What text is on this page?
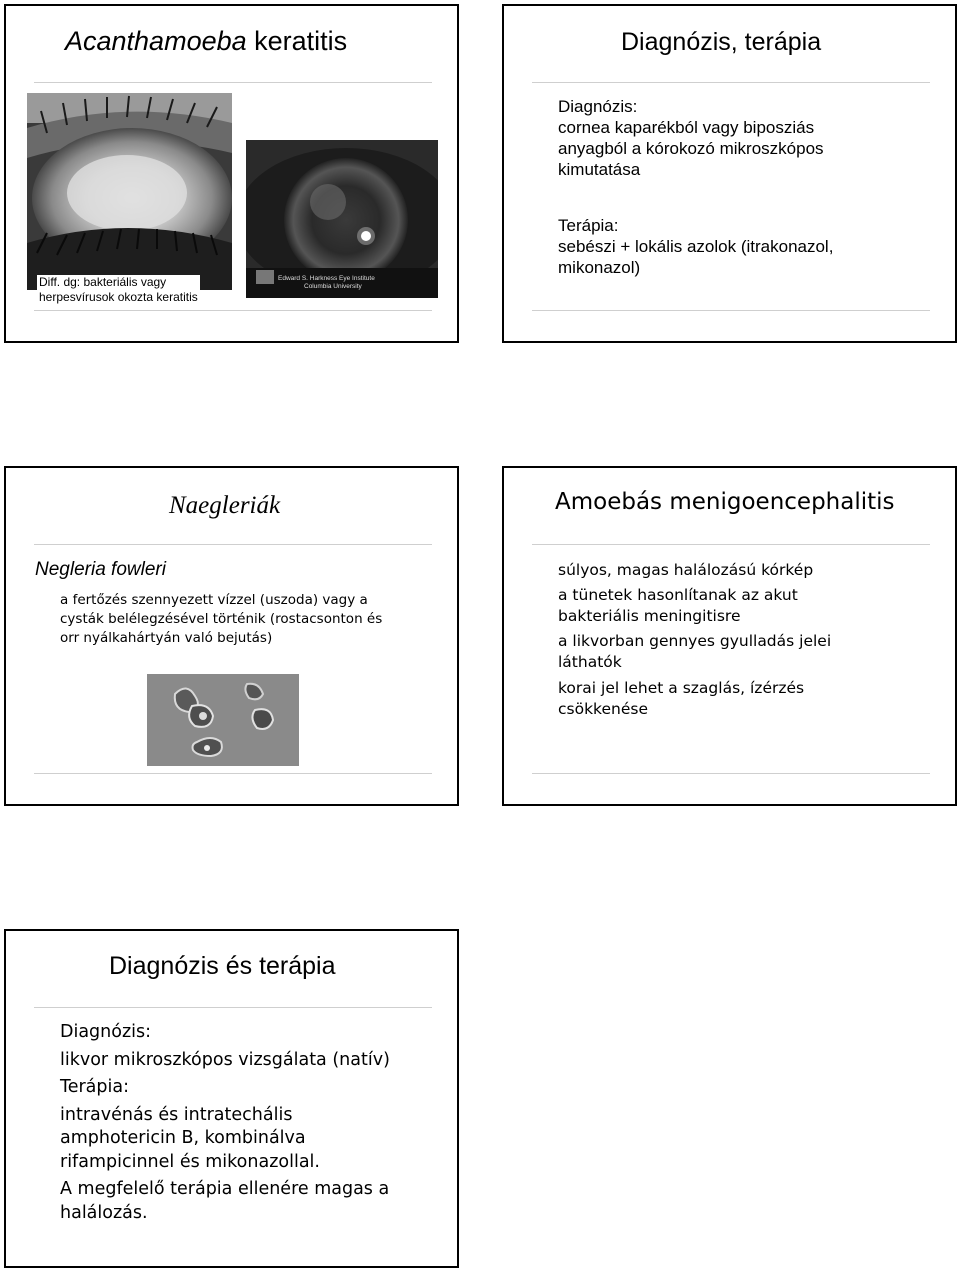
Acanthamoeba keratitis
Diff. dg: bakteriális vagy
herpesvírusok okozta keratitis
Edward S. Harkness Eye Institute
Columbia University
Diagnózis, terápia
Diagnózis:
cornea kaparékból vagy biposziás
anyagból a kórokozó mikroszkópos
kimutatása
Terápia:
sebészi + lokális azolok (itrakonazol,
mikonazol)
Naegleriák
Negleria fowleri
a fertőzés szennyezett vízzel (uszoda) vagy a
cysták belélegzésével történik (rostacsonton és
orr nyálkahártyán való bejutás)
Amoebás menigoencephalitis
súlyos, magas halálozású kórkép
a tünetek hasonlítanak az akut
bakteriális meningitisre
a likvorban gennyes gyulladás jelei
láthatók
korai jel lehet a szaglás, ízérzés
csökkenése
Diagnózis és terápia
Diagnózis:
likvor mikroszkópos vizsgálata (natív)
Terápia:
intravénás és intratechális
amphotericin B, kombinálva
rifampicinnel és mikonazollal.
A megfelelő terápia ellenére magas a
halálozás.
